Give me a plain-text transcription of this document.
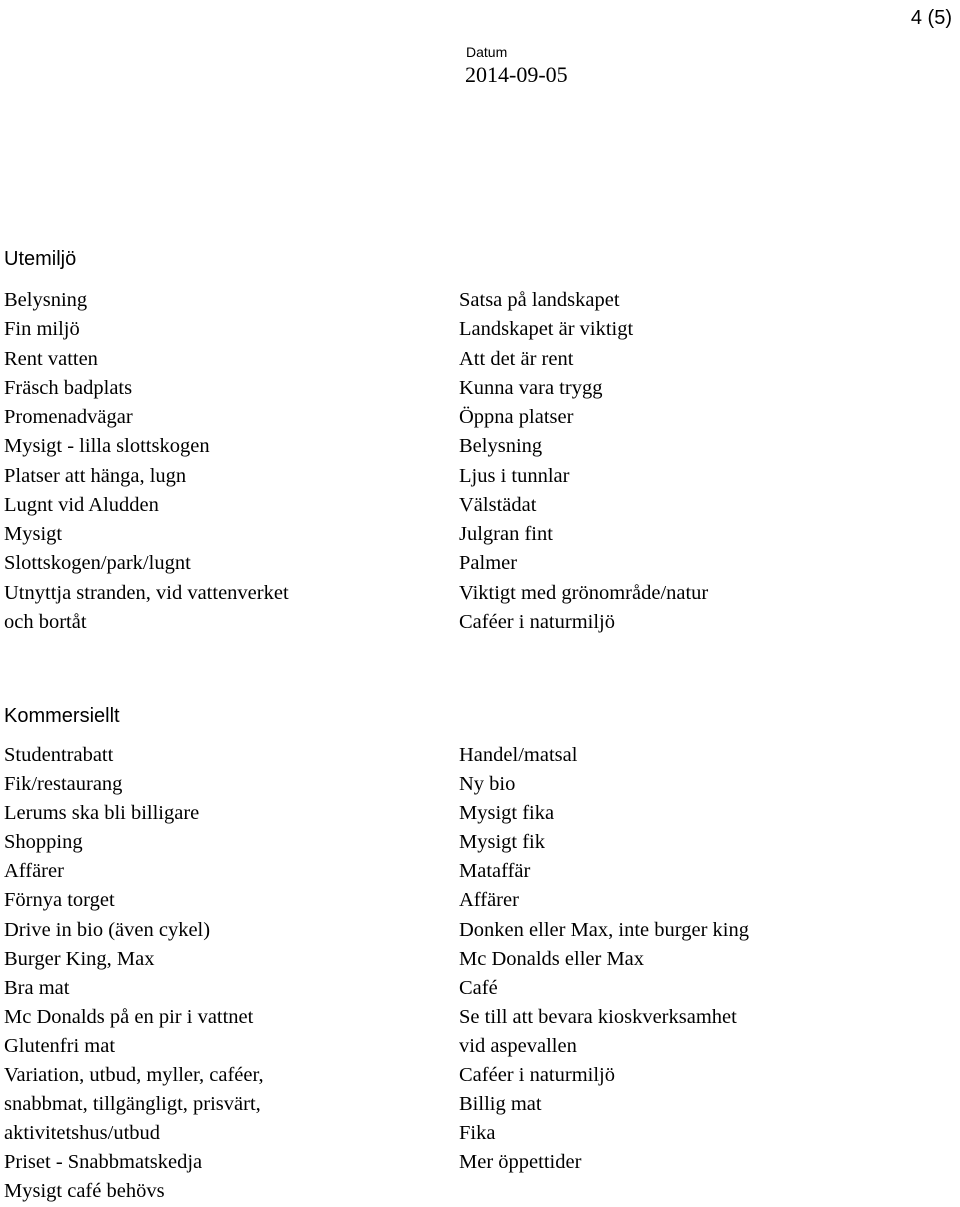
4 (5)
Datum
2014-09-05
Utemiljö
Belysning
Fin miljö
Rent vatten
Fräsch badplats
Promenadvägar
Mysigt - lilla slottskogen
Platser att hänga, lugn
Lugnt vid Aludden
Mysigt
Slottskogen/park/lugnt
Utnyttja stranden, vid vattenverket
och bortåt
Satsa på landskapet
Landskapet är viktigt
Att det är rent
Kunna vara trygg
Öppna platser
Belysning
Ljus i tunnlar
Välstädat
Julgran fint
Palmer
Viktigt med grönområde/natur
Caféer i naturmiljö
Kommersiellt
Studentrabatt
Fik/restaurang
Lerums ska bli billigare
Shopping
Affärer
Förnya torget
Drive in bio (även cykel)
Burger King, Max
Bra mat
Mc Donalds på en pir i vattnet
Glutenfri mat
Variation, utbud, myller, caféer,
snabbmat, tillgängligt, prisvärt,
aktivitetshus/utbud
Priset - Snabbmatskedja
Mysigt café behövs
Handel/matsal
Ny bio
Mysigt fika
Mysigt fik
Mataffär
Affärer
Donken eller Max, inte burger king
Mc Donalds eller Max
Café
Se till att bevara kioskverksamhet
vid aspevallen
Caféer i naturmiljö
Billig mat
Fika
Mer öppettider
